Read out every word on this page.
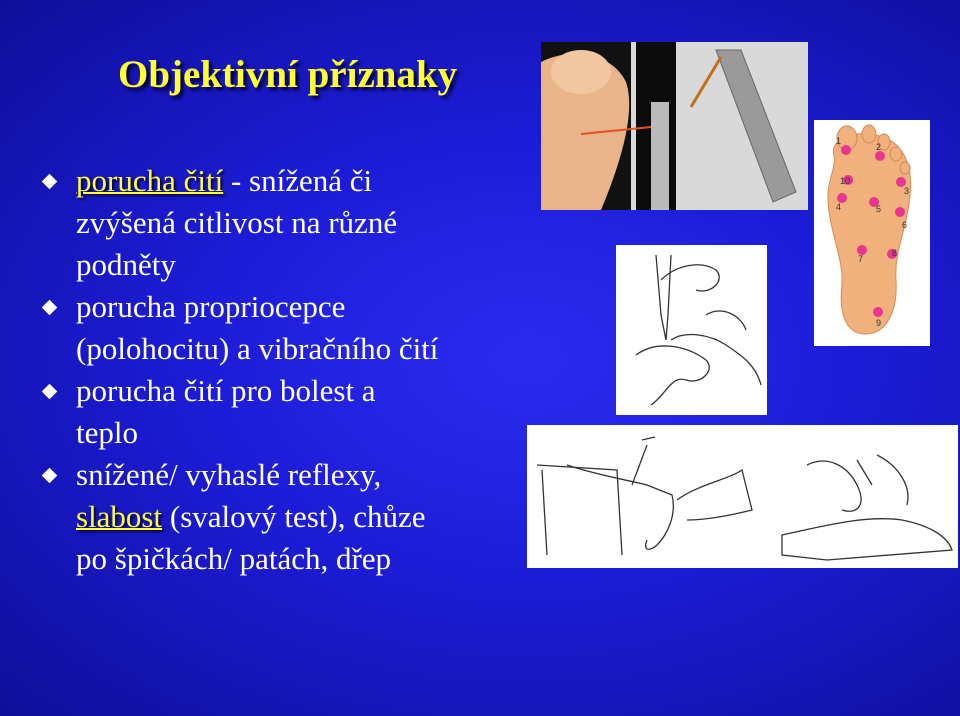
Objektivní příznaky
porucha čití - snížená či
zvýšená citlivost na různé
podněty
porucha propriocepce
(polohocitu) a vibračního čití
porucha čití pro bolest a
teplo
snížené/ vyhaslé reflexy,
slabost (svalový test), chůze
po špičkách/ patách, dřep
1
2
3
4	5
6
7
8
9
10
